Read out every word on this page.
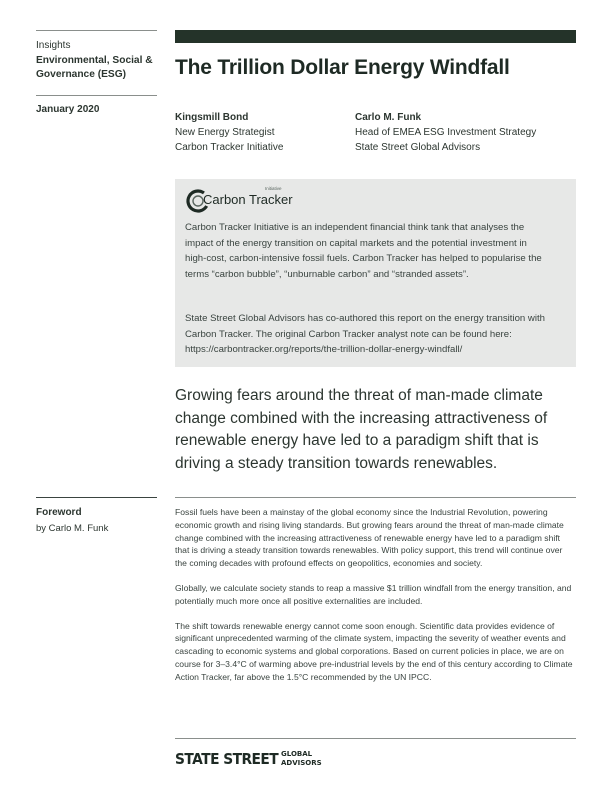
Insights
Environmental, Social & Governance (ESG)
January 2020
The Trillion Dollar Energy Windfall
Kingsmill Bond
New Energy Strategist
Carbon Tracker Initiative
Carlo M. Funk
Head of EMEA ESG Investment Strategy
State Street Global Advisors
Carbon Tracker
Initiative
Carbon Tracker Initiative is an independent financial think tank that analyses the impact of the energy transition on capital markets and the potential investment in high-cost, carbon-intensive fossil fuels. Carbon Tracker has helped to popularise the terms “carbon bubble”, “unburnable carbon” and “stranded assets”.
State Street Global Advisors has co-authored this report on the energy transition with Carbon Tracker. The original Carbon Tracker analyst note can be found here: https://carbontracker.org/reports/the-trillion-dollar-energy-windfall/
Growing fears around the threat of man-made climate change combined with the increasing attractiveness of renewable energy have led to a paradigm shift that is driving a steady transition towards renewables.
Foreword
by Carlo M. Funk

Fossil fuels have been a mainstay of the global economy since the Industrial Revolution, powering economic growth and rising living standards. But growing fears around the threat of man-made climate change combined with the increasing attractiveness of renewable energy have led to a paradigm shift that is driving a steady transition towards renewables. With policy support, this trend will continue over the coming decades with profound effects on geopolitics, economies and society.

Globally, we calculate society stands to reap a massive $1 trillion windfall from the energy transition, and potentially much more once all positive externalities are included.

The shift towards renewable energy cannot come soon enough. Scientific data provides evidence of significant unprecedented warming of the climate system, impacting the severity of weather events and cascading to economic systems and global corporations. Based on current policies in place, we are on course for 3–3.4°C of warming above pre-industrial levels by the end of this century according to Climate Action Tracker, far above the 1.5°C recommended by the UN IPCC.

STATE STREET GLOBAL
ADVISORS
